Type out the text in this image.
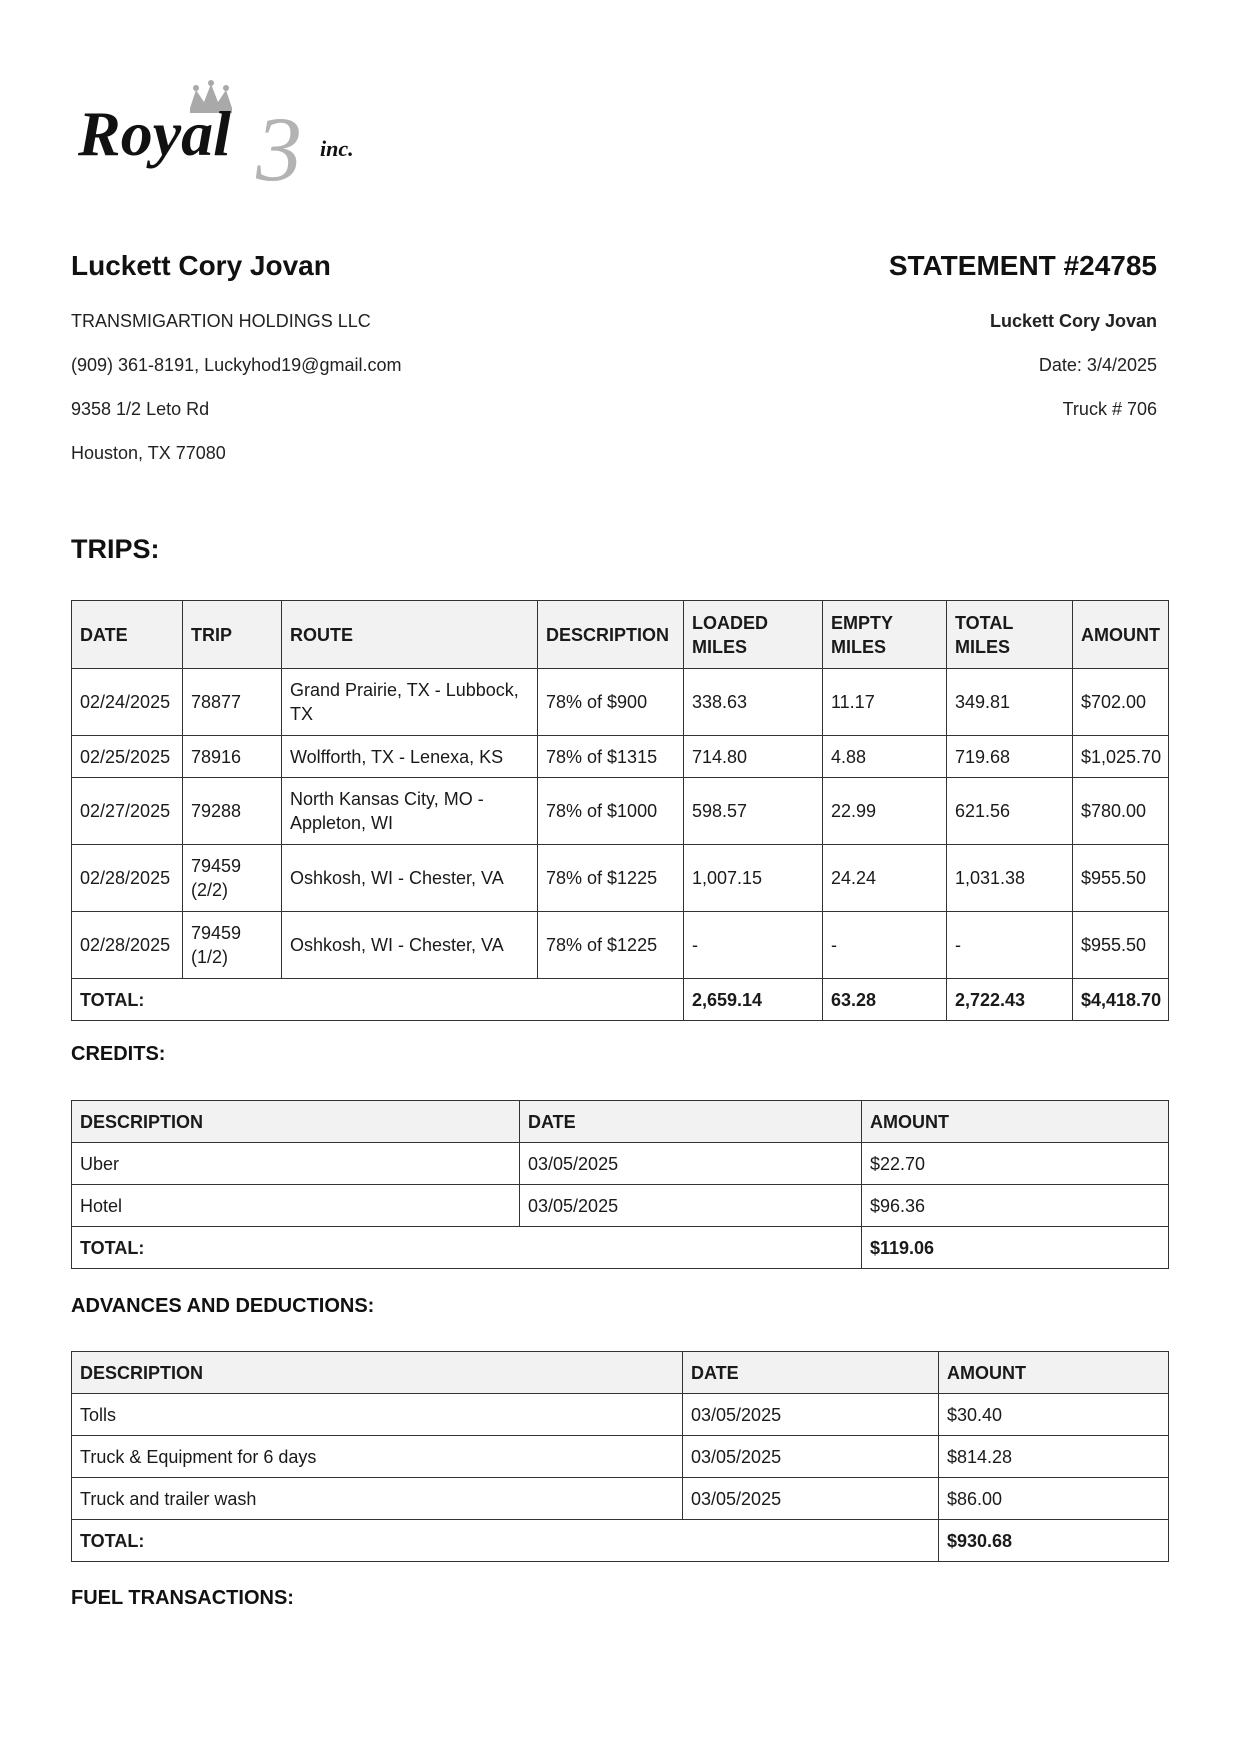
3
Royal	inc.
Luckett Cory Jovan
TRANSMIGARTION HOLDINGS LLC
(909) 361-8191, Luckyhod19@gmail.com
9358 1/2 Leto Rd
Houston, TX 77080
STATEMENT #24785
Luckett Cory Jovan
Date: 3/4/2025
Truck # 706
TRIPS:
DATE	TRIP	ROUTE	DESCRIPTION	LOADED MILES	EMPTY MILES	TOTAL MILES	AMOUNT
02/24/2025	78877	Grand Prairie, TX - Lubbock, TX	78% of $900	338.63	11.17	349.81	$702.00
02/25/2025	78916	Wolfforth, TX - Lenexa, KS	78% of $1315	714.80	4.88	719.68	$1,025.70
02/27/2025	79288	North Kansas City, MO - Appleton, WI	78% of $1000	598.57	22.99	621.56	$780.00
02/28/2025	79459 (2/2)	Oshkosh, WI - Chester, VA	78% of $1225	1,007.15	24.24	1,031.38	$955.50
02/28/2025	79459 (1/2)	Oshkosh, WI - Chester, VA	78% of $1225	-	-	-	$955.50
TOTAL:				2,659.14	63.28	2,722.43	$4,418.70
CREDITS:
DESCRIPTION	DATE	AMOUNT
Uber	03/05/2025	$22.70
Hotel	03/05/2025	$96.36
TOTAL:		$119.06
ADVANCES AND DEDUCTIONS:
DESCRIPTION	DATE	AMOUNT
Tolls	03/05/2025	$30.40
Truck & Equipment for 6 days	03/05/2025	$814.28
Truck and trailer wash	03/05/2025	$86.00
TOTAL:		$930.68
FUEL TRANSACTIONS:
